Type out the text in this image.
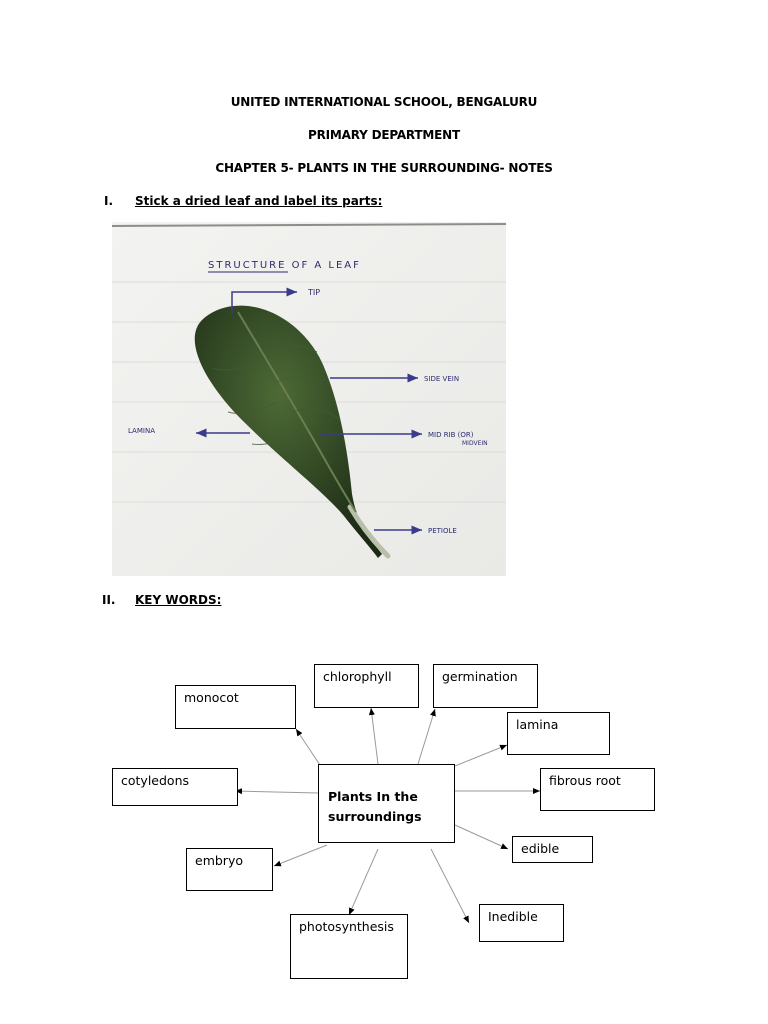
UNITED INTERNATIONAL SCHOOL, BENGALURU
PRIMARY DEPARTMENT
CHAPTER 5- PLANTS IN THE SURROUNDING- NOTES
I. Stick a dried leaf and label its parts:
STRUCTURE OF A LEAF
TIP
SIDE VEIN
LAMINA	MID RIB (OR)
MIDVEIN
PETIOLE
II. KEY WORDS:
Plants In the
surroundings
chlorophyll	germination
monocot
lamina
cotyledons	fibrous root
edible
embryo
Inedible
photosynthesis
